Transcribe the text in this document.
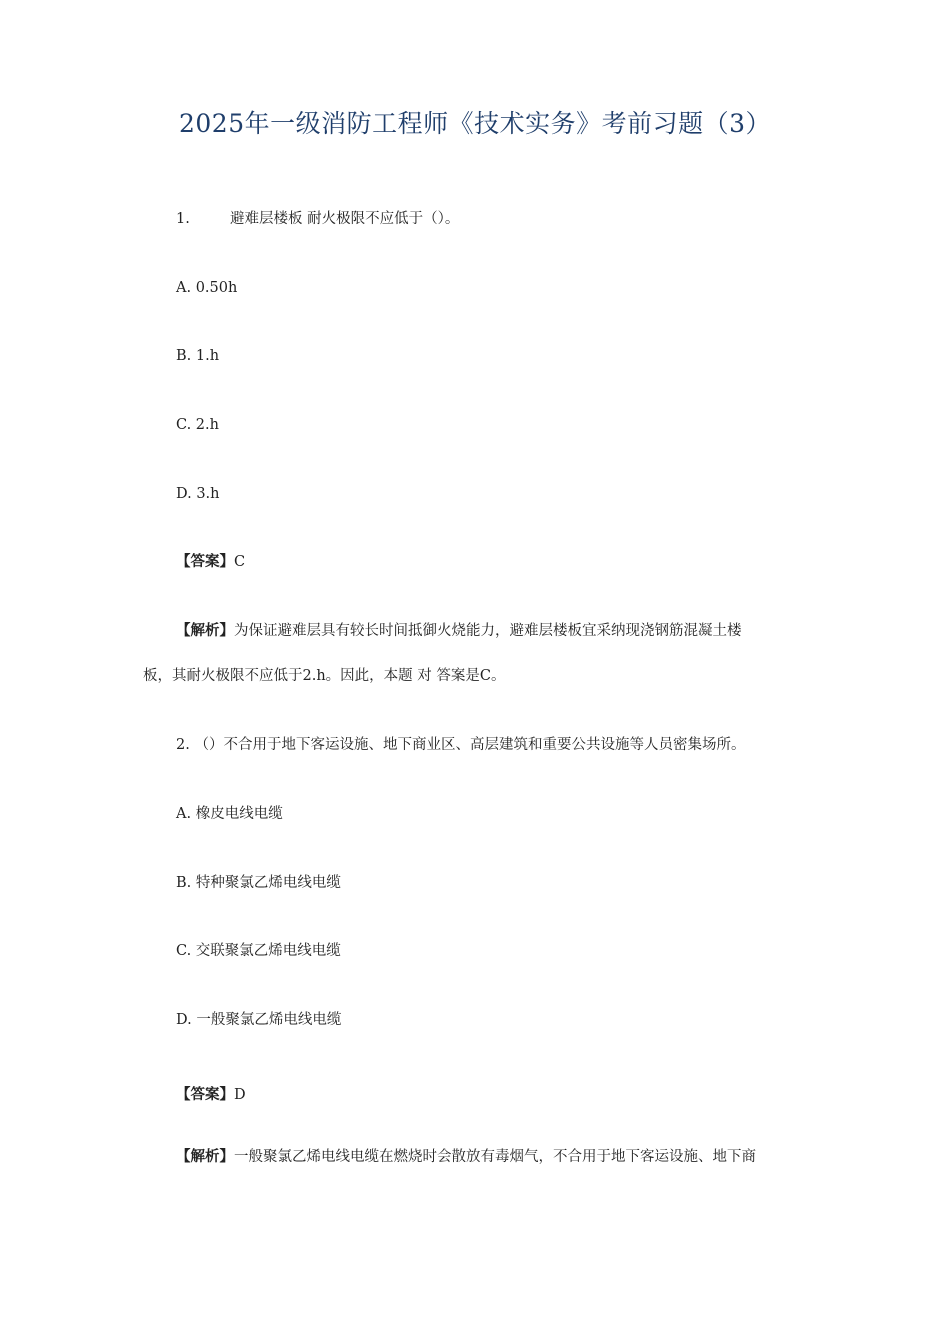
2025年一级消防工程师《技术实务》考前习题（3）
1.	避难层楼板 耐火极限不应低于（）。
A. 0.50h
B. 1.h
C. 2.h
D. 3.h
【答案】C
【解析】为保证避难层具有较长时间抵御火烧能力，避难层楼板宜采纳现浇钢筋混凝土楼
板，其耐火极限不应低于2.h。因此，本题 对 答案是C。
2. （）不合用于地下客运设施、地下商业区、高层建筑和重要公共设施等人员密集场所。
A. 橡皮电线电缆
B. 特种聚氯乙烯电线电缆
C. 交联聚氯乙烯电线电缆
D. 一般聚氯乙烯电线电缆
【答案】D
【解析】一般聚氯乙烯电线电缆在燃烧时会散放有毒烟气，不合用于地下客运设施、地下商
